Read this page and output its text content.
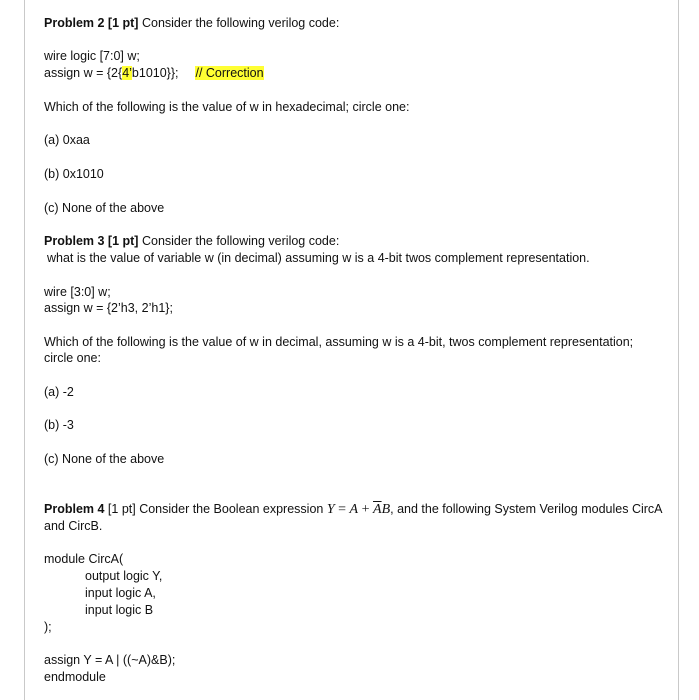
Problem 2 [1 pt] Consider the following verilog code:
wire logic [7:0] w;
assign w = {2{4’b1010}}; // Correction
Which of the following is the value of w in hexadecimal; circle one:
(a) 0xaa
(b) 0x1010
(c) None of the above
Problem 3 [1 pt] Consider the following verilog code:
what is the value of variable w (in decimal) assuming w is a 4-bit twos complement representation.
wire [3:0] w;
assign w = {2’h3, 2’h1};
Which of the following is the value of w in decimal, assuming w is a 4-bit, twos complement representation;
circle one:
(a) -2
(b) -3
(c) None of the above
Problem 4 [1 pt] Consider the Boolean expression $Y = A + \overline{A}B$, and the following System Verilog modules CircA
and CircB.
module CircA(
output logic Y,
input logic A,
input logic B
);
assign Y = A | ((~A)&B);
endmodule
